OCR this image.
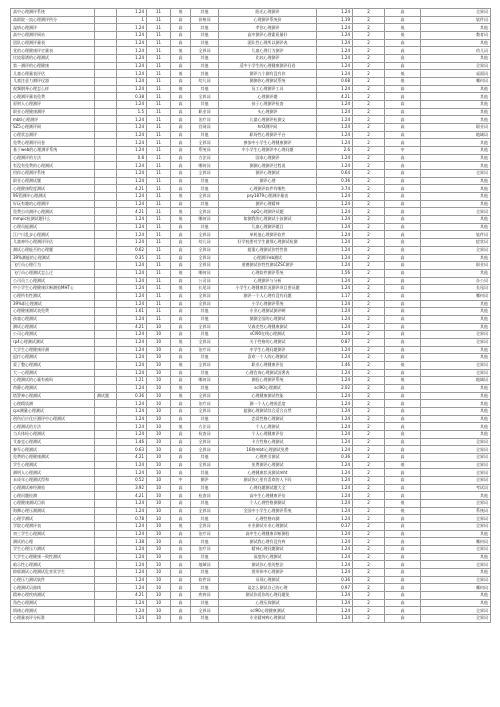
高中心理测评系统		1.24	11	低	其他	阳光心理测评	1.24	2	高	全界词
高职院一流心理测评所分		1	11	高	价格词	心理测评系统价	1.19	2	高	软件词
湿病心理测评		1.24	11	高	其他	孝你心理测评	1.24	2	低	其他
高中心理测评网站		1.24	11	高	其他	高中测评心理素质量好	1.24	2	低	教育词
团队心理测评量表		1.24	11	高	其他	团队性心理所以测评表	1.24	2	高	其他
党的心理健康评定量表		1.24	11	低	全界词	儿童心理行为测评	1.24	2	高	幼儿词
比较靠谱的心理测试		1.24	11	高	其他	比较心理测评	1.24	2	高	其他
第一测评的心理健康		1.24	11	高	其他	适中小学生的心理健康测评问卷	1.24	2	高	全界词
儿童心理量表评估		1.24	11	低	其他	测评九个测有没有你	1.24	2	低	桌面词
儿童注意力测评仪器		1.24	11	高	幼儿词	测测你心理测试系统	0.68	2	低	哪何词
视频钢琴心理怎么样		1.24	11	低	其他	员工心理测评工具	1.24	2	高	其他
心理测评量表免费		0.38	11	高	全界词	心理测评题	4.21	2	高	其他
原则人心理测评		1.24	11	高	其他	孩子心理测评检查	1.24	2	高	其他
职业心理健康测评		1.5	11	高	职业词	头心理测评	1.24	2	高	其他
mbti心理测评		1.24	11	高	治疗词	儿童心理测评检测义	1.24	2	高	其他
SZ5心理测评网		1.24	11	高	官网词	hrO测评网	1.24	2	高	职业词
心理状态测评		1.24	11	高	其他	职场性心理测评平台	1.24	2	高	地域词
免费心理测评问卷		1.24	11	高	全界词	参加中小学生心理健康测评	1.24	2	高	其他
基于web的心理测评系统		1.24	11	高	系统词	中小学生心理测评中心理问题	2.6	2	中	其他
心理测评的方法		0.8	11	高	方法词	国家心理测评	1.24	2	高	其他
有没有免费的心理测试		1.24	11	高	哪何词	测测心理测评过程说	1.24	2	高	其他
用你心理测评系统		1.24	11	高	全界词	测评心理测试	0.64	2	高	全界词
职业心理测试题		1.24	11	高	其他	测评心理	0.36	2	高	其他
心理健康程度测试		4.21	11	高	其他	心理测评软件有哪些	3.74	2	高	其他
9S管测评心理测试		1.24	11	低	全界词	psy1879心理测评量表	1.24	2	高	其他
好玩有趣的心理测评		1.24	11	高	其他	测评心理精神	1.24	2	高	其他
免费自动测评心理测试		4.21	11	低	全界词	epQ心理测评试题	1.24	2	高	全界词
mmpic检测试题什么		1.24	11	低	哪何词	如测我的心理测试小孩测试	1.24	2	高	其他
心理员能测试		1.24	11	高	其他	儿童心理测评题目	1.24	2	高	其他
江户川乱步心理测试		1.24	11	高	全界词	单机他心理测评软件	1.24	2	高	软件词
儿童神经心理测评评估		1.24	11	高	幼儿词	好学校要对学生做那心理测试检测	1.24	2	高	症状词
测试心理能否的心理题		0.62	11	高	全界词	超重心理测试你性性推	1.24	2	高	全界词
39%测能的心理测试		0.35	11	高	全界词	心理测评eb测试	1.24	2	高	其他
飞行员心理行为		1.24	11	高	全界词	道德测试你性性测试ZSC测评	1.24	2	高	职业词
飞行员心理测试怎么过		1.24	11	低	哪何词	心理软件测评系统	1.56	2	高	其他
公司员工心理测试		1.24	11	高	公司词	心理测评与分析	1.24	2	高	办公词
中小学生心理健康诊断测验MHT心		1.24	11	低	长尾词	小学生心理健康状况测评项目要证题	1.24	2	高	长尾词
心理所有性测试		1.24	11	高	全界词	测评一个人心理有没有问题	1.17	2	高	哪何词
39%职心理测试		1.24	11	高	全界词	小学心理测评系统	1.24	2	高	其他
心理健康测试表免费		1.61	11	高	其他	专业心理测试测评啊	1.24	2	高	其他
孩童心理测试		1.24	11	高	其他	测测全国的心理测试	1.24	2	高	其他
测试心理测试		4.21	10	高	全界词	艾森克性心理健康测试	1.24	2	高	其他
公司心理测试		1.24	10	高	其他	sCl90在线心理测试	1.24	2	高	全界词
rp4心理测试测试		1.24	10	低	全界词	关于性格的心理测试	0.87	2	高	全界词
大学生心理健康评测		1.24	10	高	治疗词	中学生心理问题测评	1.24	2	高	其他
返疗心理测试		1.24	10	高	其他	喜欢一个人的心理测试	1.24	2	高	其他
爱了整心理测试		1.24	10	低	全界词	职业心理健康评估	1.46	2	低	全界词
大一心理测试		1.24	10	高	其他	心理咨询心理测试国奢表	1.24	2	高	全界词
心理测试的心量有被吗		1.21	10	高	哪何词	测验心理测评系统	1.24	2	低	地域词
荷静心理测试		1.24	10	低	其他	scl90心理测试	2.02	2	高	其他
塔罗神心理测试	测试题	0.36	10	低	全界词	心理健康测试性能	1.24	2	高	其他
心理精质测		1.24	10	高	治疗词	测一个人心理困恶度	1.24	2	高	其他
cps测量心理测试		1.24	10	高	全界词	超测心理测试综合适合自然	1.24	2	高	其他
创伤后应化应测评中心理测试		1.24	10	高	其他	恋爱性格心理测试	1.24	2	高	其他
心理测试的方法		1.24	10	低	方法词	个人心理测试	1.24	2	高	其他
当兵体检心理测试		1.24	10	高	检查词	个人心理健康评估	1.24	2	高	其他
艾森克心理测试		1.46	10	高	全界词	卡方性格心理测试	1.24	2	高	全界词
参军心理测试		0.63	10	高	全界词	16格mbti心理测试免费	1.24	2	高	全界词
免费的心理健康测试		4.21	10	高	其他	心理疾引测试	0.36	2	高	全界词
学生心理测试		1.24	10	高	全界词	免费测评心理测试	1.24	2	低	全界词
测明人心理测试		1.24	10	高	其他	心理健康状况测试mht	1.24	2	高	全界词
未成年心理测试得和		0.52	10	中	测评	测试你心里有喜欢的人下吗	1.24	2	高	全界词
心理测试神经测验		3.92	10	高	其他	心理问题测试题大全	1.24	2	高	考试词
心理问题检测		4.21	10	高	检查词	高中生心理健康评估	1.24	2	高	其他
心理健康测试目前		1.24	10	高	其他	个人心理性格测测试	1.24	2	低	全界词
海狮心理压测测试		1.24	10	高	全界词	全国中小学生心理测评系统	1.24	2	低	系统词
心理学测试		0.78	10	高	其他	心理性格向测	1.24	2	高	全界词
学院心理测评表		1.24	10	低	全界词	专业测试专业心理测试	0.37	2	高	全界词
初三学生心理测试		1.24	10	高	治疗词	高中生心理健康诊断测验	1.24	2	高	其他
测试的心理		1.38	10	高	其他	测试我心理有没有病	1.24	2	高	哪何词
学生心理压力测试		1.24	10	高	治疗词	精神心理问题测试	1.24	2	高	全界词
大学生心理健康一致性测试		1.24	10	高	其他	深度的心理测试	1.24	2	高	其他
暗示性心理测试		1.24	10	高	地域词	测试你心里的想法	1.24	2	高	全界词
抑郁测试心理测试危害状学生		1.24	10	高	其他	图形伟中心理测评	1.24	2	高	其他
心理压力测试软件		1.24	10	高	软件词	员现心理测试	0.36	2	高	全界词
心理测试贝曲线		1.24	10	高	其他	谈怎么测试自己的心理	0.97	2	高	哪何词
精神心理疾病测试		4.21	10	高	疾病词	测试你爱你的心理问题免	1.24	2	高	其他
角色心理测试		1.24	10	高	其他	心理压抑测试	1.24	2	高	其他
情绪心理测试		1.24	10	高	全界词	scl90心理健康测试	1.24	2	高	全界词
心理量表评分标准		1.24	10	高	其他	专业精神病心理测试	1.24	2	高	全界词
